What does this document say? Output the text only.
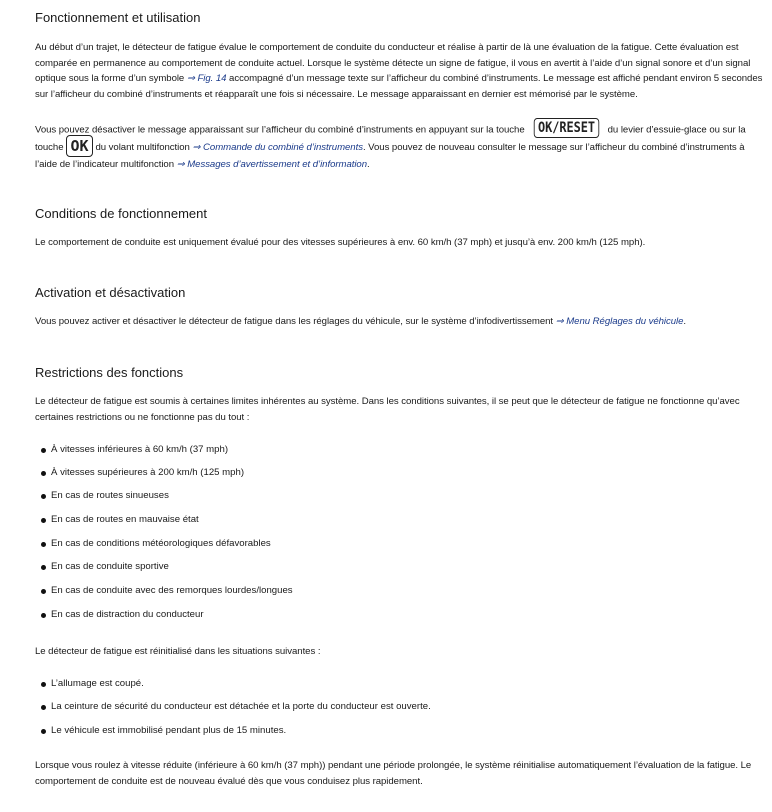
Fonctionnement et utilisation

Au début d’un trajet, le détecteur de fatigue évalue le comportement de conduite du conducteur et réalise à partir de là une évaluation de la fatigue. Cette évaluation est comparée en permanence au comportement de conduite actuel. Lorsque le système détecte un signe de fatigue, il vous en avertit à l’aide d’un signal sonore et d’un signal optique sous la forme d’un symbole ⇒ Fig. 14 accompagné d’un message texte sur l’afficheur du combiné d’instruments. Le message est affiché pendant environ 5 secondes sur l’afficheur du combiné d’instruments et réapparaît une fois si nécessaire. Le message apparaissant en dernier est mémorisé par le système.

Vous pouvez désactiver le message apparaissant sur l’afficheur du combiné d’instruments en appuyant sur la touche OK/RESET du levier d’essuie-glace ou sur la touche OK du volant multifonction ⇒ Commande du combiné d’instruments. Vous pouvez de nouveau consulter le message sur l’afficheur du combiné d’instruments à l’aide de l’indicateur multifonction ⇒ Messages d’avertissement et d’information.

Conditions de fonctionnement

Le comportement de conduite est uniquement évalué pour des vitesses supérieures à env. 60 km/h (37 mph) et jusqu’à env. 200 km/h (125 mph).

Activation et désactivation

Vous pouvez activer et désactiver le détecteur de fatigue dans les réglages du véhicule, sur le système d’infodivertissement ⇒ Menu Réglages du véhicule.

Restrictions des fonctions

Le détecteur de fatigue est soumis à certaines limites inhérentes au système. Dans les conditions suivantes, il se peut que le détecteur de fatigue ne fonctionne qu’avec certaines restrictions ou ne fonctionne pas du tout :

À vitesses inférieures à 60 km/h (37 mph)
À vitesses supérieures à 200 km/h (125 mph)
En cas de routes sinueuses
En cas de routes en mauvaise état
En cas de conditions météorologiques défavorables
En cas de conduite sportive
En cas de conduite avec des remorques lourdes/longues
En cas de distraction du conducteur

Le détecteur de fatigue est réinitialisé dans les situations suivantes :

L’allumage est coupé.
La ceinture de sécurité du conducteur est détachée et la porte du conducteur est ouverte.
Le véhicule est immobilisé pendant plus de 15 minutes.

Lorsque vous roulez à vitesse réduite (inférieure à 60 km/h (37 mph)) pendant une période prolongée, le système réinitialise automatiquement l’évaluation de la fatigue. Le comportement de conduite est de nouveau évalué dès que vous conduisez plus rapidement.
